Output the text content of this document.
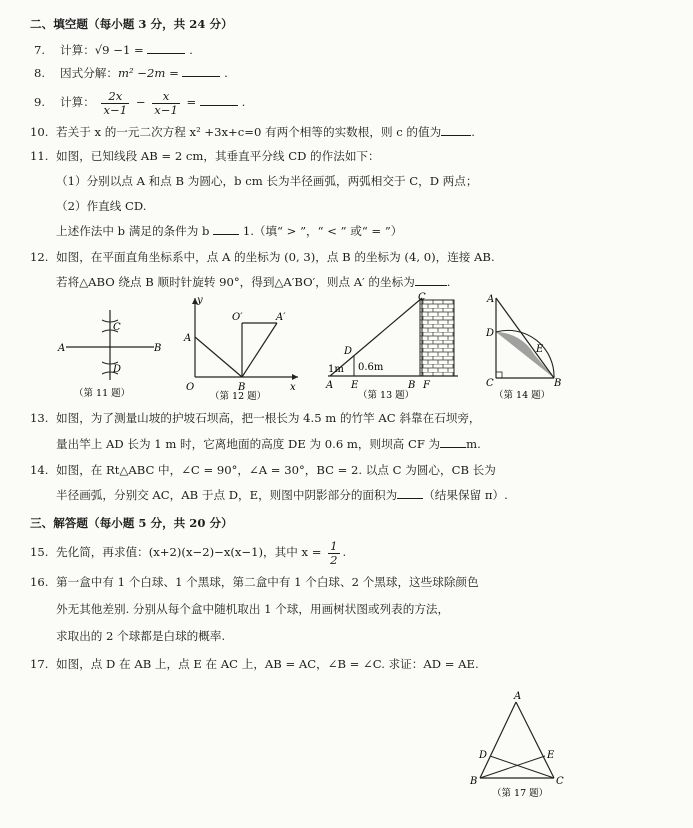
二、填空题（每小题 3 分，共 24 分）
7. 计算：√9 −1 =	.
8. 因式分解：m² −2m =	.
9. 计算： $\frac{2x}{x-1} - \frac{x}{x-1}$ =	.
10. 若关于 x 的一元二次方程 x² +3x+c=0 有两个相等的实数根，则 c 的值为	.
11. 如图，已知线段 AB = 2 cm，其垂直平分线 CD 的作法如下：
（1）分别以点 A 和点 B 为圆心，b cm 长为半径画弧，两弧相交于 C，D 两点；
（2）作直线 CD.
上述作法中 b 满足的条件为 b	1.（填“ > ”，“ < ” 或“ = ”）
12. 如图，在平面直角坐标系中，点 A 的坐标为 (0, 3)，点 B 的坐标为 (4, 0)，连接 AB.
若将△ABO 绕点 B 顺时针旋转 90°，得到△A′BO′，则点 A′ 的坐标为	.
A	B
C
D
（第 11 题）
y
x
A
O	B
O′	A′
（第 12 题）
C
D
1m 0.6m
A E	B F
（第 13 题）
A
D
E
C	B
（第 14 题）
13. 如图，为了测量山坡的护坡石坝高，把一根长为 4.5 m 的竹竿 AC 斜靠在石坝旁，
量出竿上 AD 长为 1 m 时，它离地面的高度 DE 为 0.6 m，则坝高 CF 为 m.
14. 如图，在 Rt△ABC 中，∠C = 90°，∠A = 30°，BC = 2. 以点 C 为圆心，CB 长为
半径画弧，分别交 AC，AB 于点 D，E，则图中阴影部分的面积为 （结果保留 π）.
三、解答题（每小题 5 分，共 20 分）
15. 先化简，再求值：(x+2)(x−2)−x(x−1)，其中 $x = \frac{1}{2}$ .
16. 第一盒中有 1 个白球、1 个黑球，第二盒中有 1 个白球、2 个黑球，这些球除颜色
外无其他差别. 分别从每个盒中随机取出 1 个球，用画树状图或列表的方法，
求取出的 2 个球都是白球的概率.
17. 如图，点 D 在 AB 上，点 E 在 AC 上，AB = AC，∠B = ∠C. 求证：AD = AE.
A
D	E
B	C
（第 17 题）
